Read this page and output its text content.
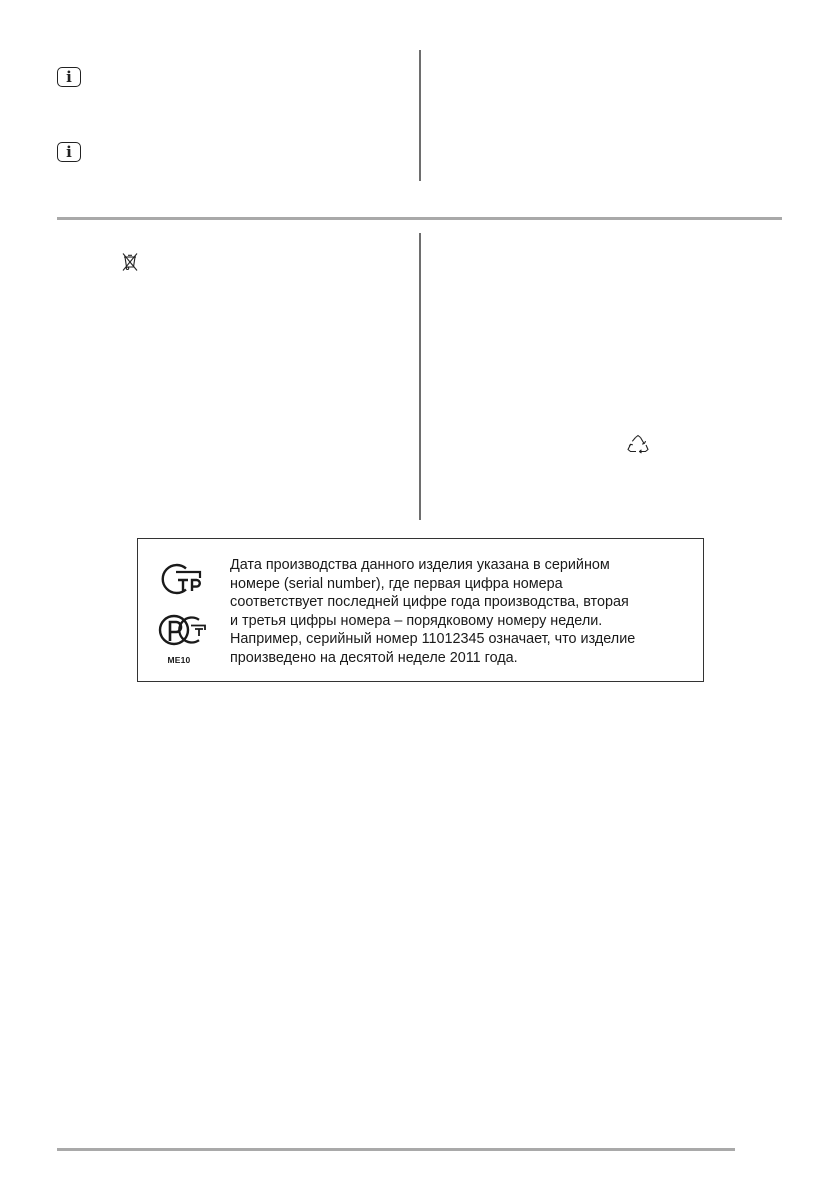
i
i
ME10
Дата производства данного изделия указана в серийном
номере (serial number), где первая цифра номера
соответствует последней цифре года производства, вторая
и третья цифры номера – порядковому номеру недели.
Например, серийный номер 11012345 означает, что изделие
произведено на десятой неделе 2011 года.
